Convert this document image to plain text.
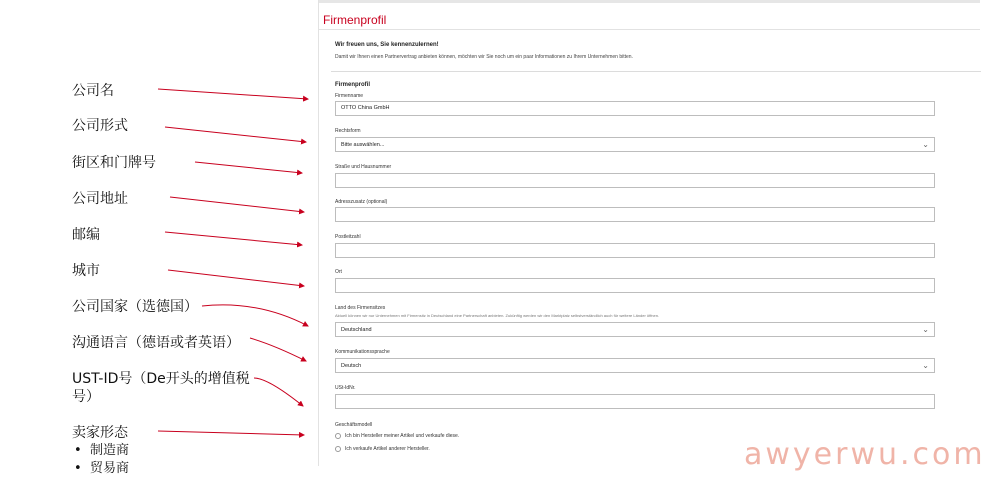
公司名
公司形式
街区和门牌号
公司地址
邮编
城市
公司国家（选德国）
沟通语言（德语或者英语）
UST-ID号（De开头的增值税
号）
卖家形态
• 制造商
• 贸易商
Firmenprofil
Wir freuen uns, Sie kennenzulernen!
Damit wir Ihnen einen Partnervertrag anbieten können, möchten wir Sie noch um ein paar Informationen zu Ihrem Unternehmen bitten.
Firmenprofil
Firmenname
OTTO China GmbH
Rechtsform
Bitte auswählen...	⌄
Straße und Hausnummer
Adresszusatz (optional)
Postleitzahl
Ort
Land des Firmensitzes
Aktuell können wir nur Unternehmen mit Firmensitz in Deutschland eine Partnerschaft anbieten. Zukünftig werden wir den Marktplatz selbstverständlich auch für weitere Länder öffnen.
Deutschland	⌄
Kommunikationssprache
Deutsch	⌄
USt-IdNr.
Geschäftsmodell
Ich bin Hersteller meiner Artikel und verkaufe diese.
Ich verkaufe Artikel anderer Hersteller.	awyerwu.com
